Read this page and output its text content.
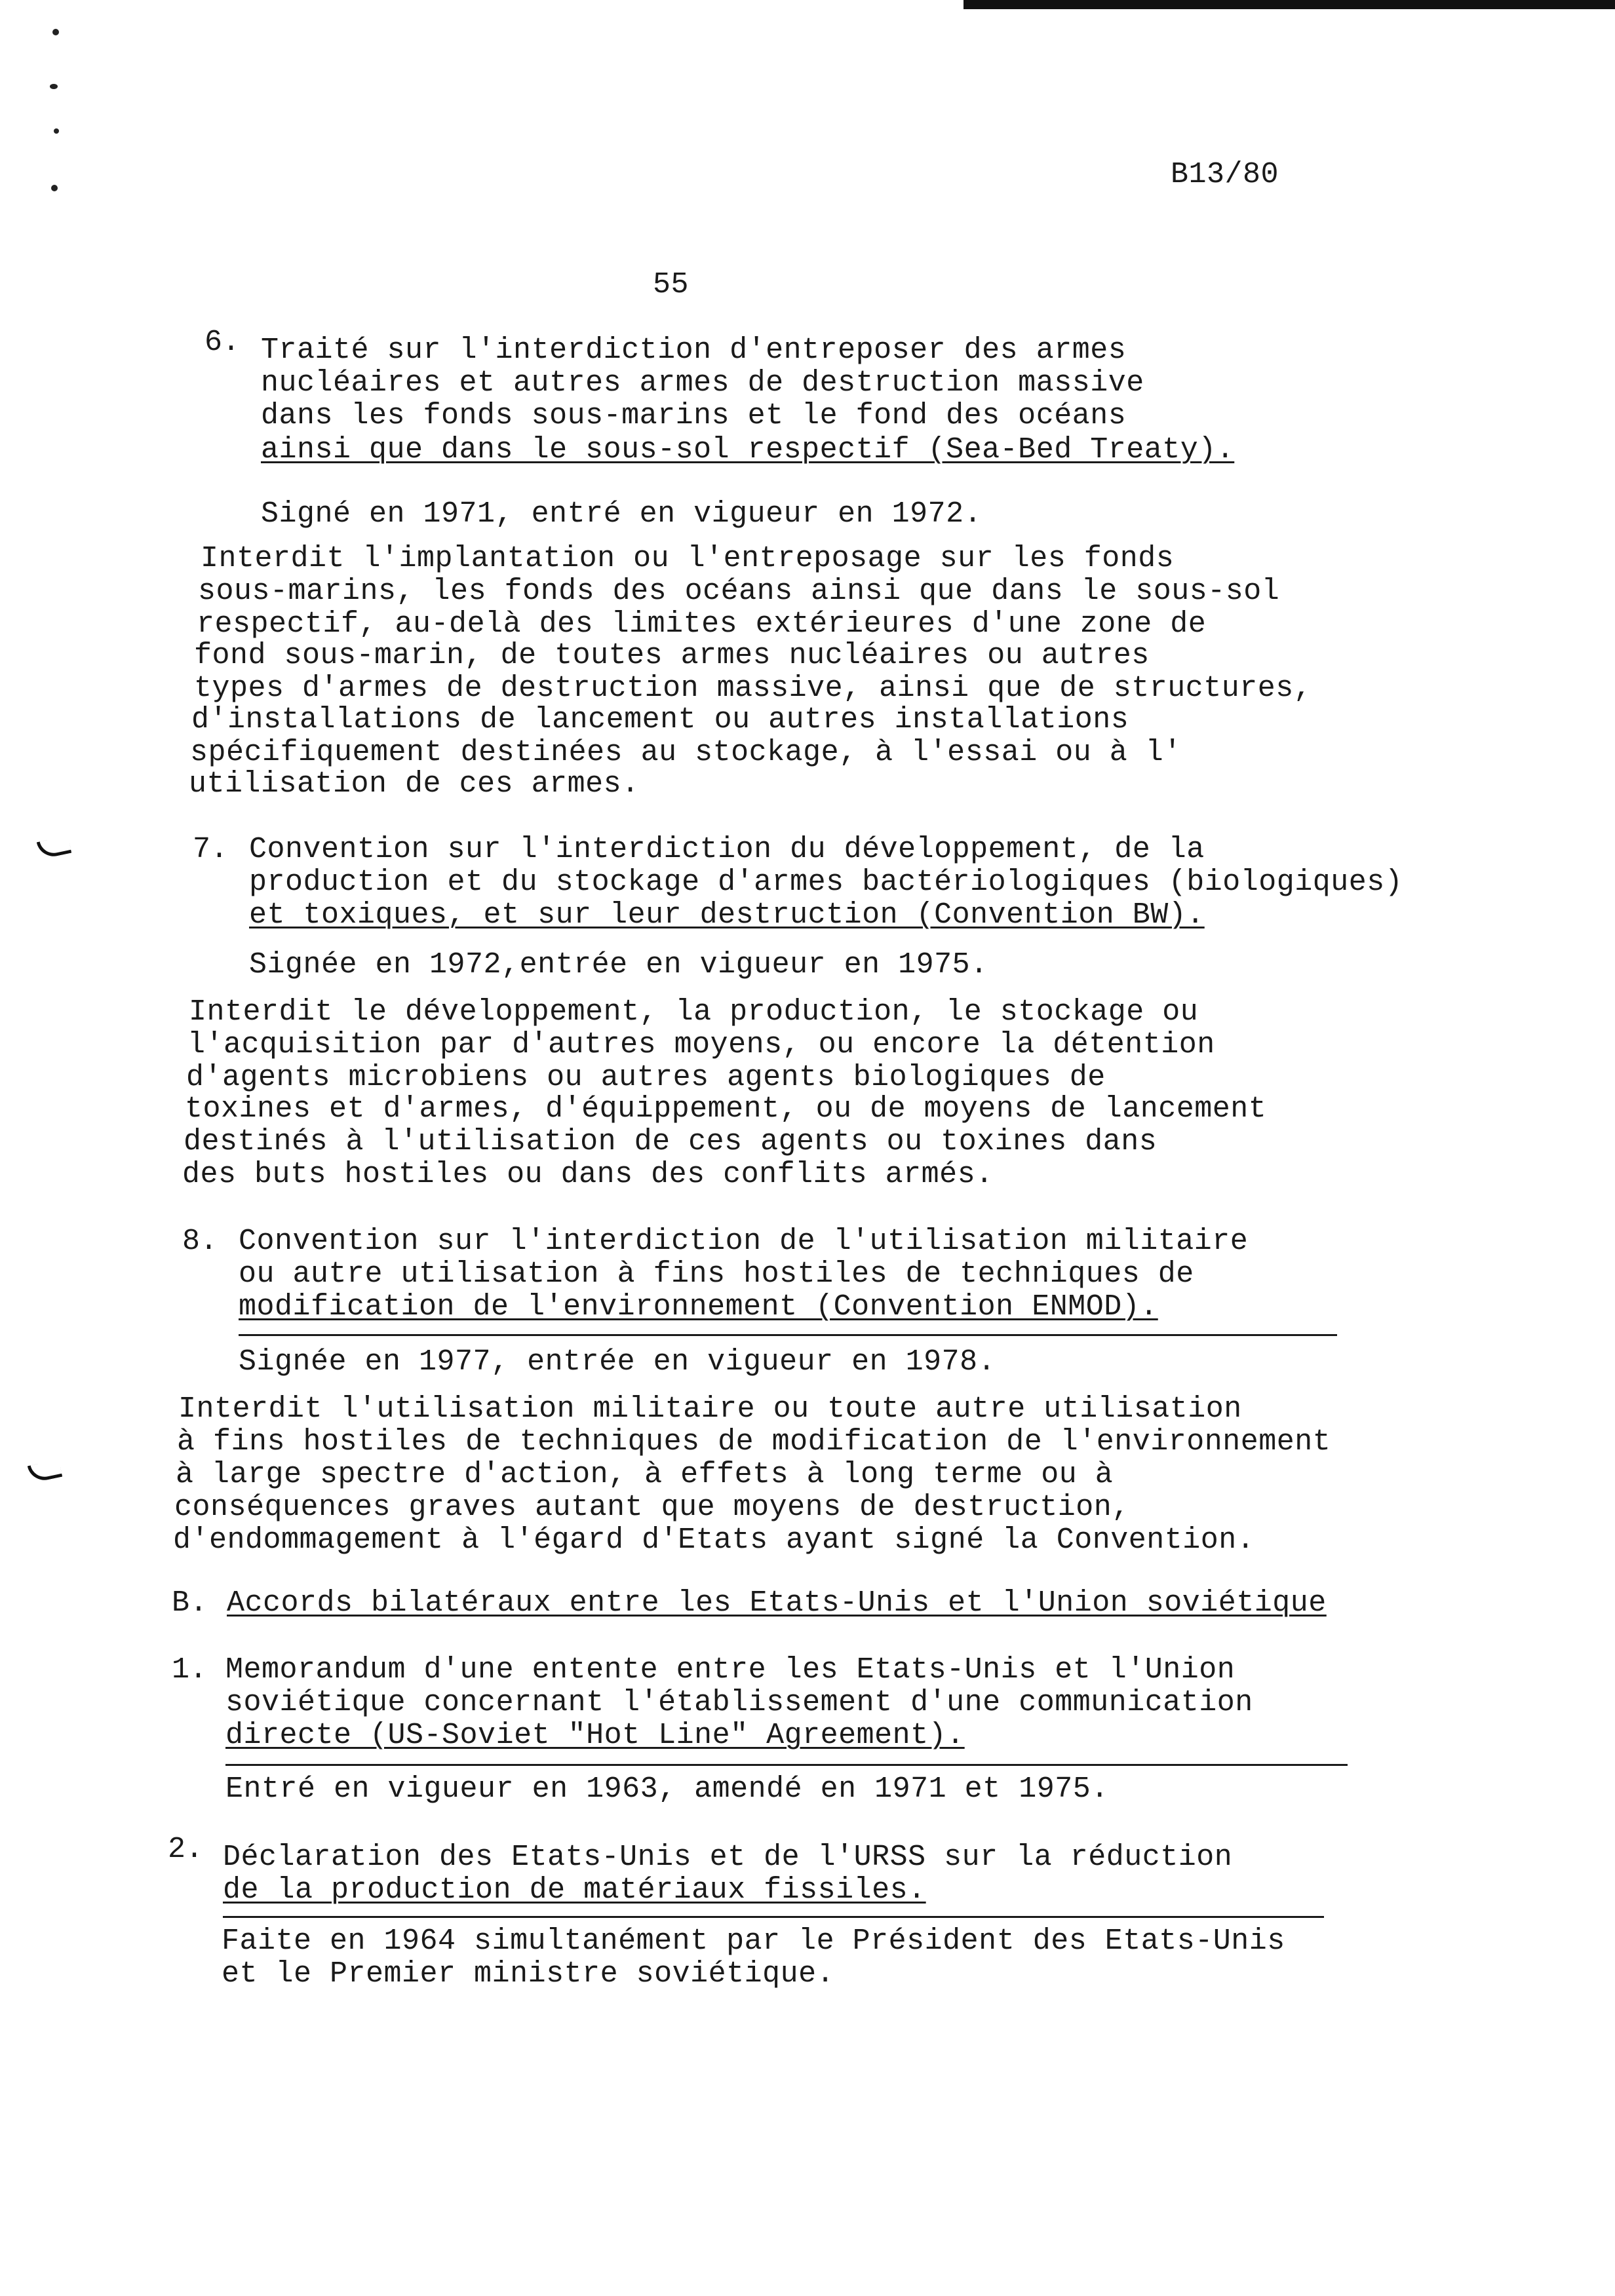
B13/80
55
6. Traité sur l'interdiction d'entreposer des armes
nucléaires et autres armes de destruction massive
dans les fonds sous-marins et le fond des océans
ainsi que dans le sous-sol respectif (Sea-Bed Treaty).
Signé en 1971, entré en vigueur en 1972.
Interdit l'implantation ou l'entreposage sur les fonds
sous-marins, les fonds des océans ainsi que dans le sous-sol
respectif, au-delà des limites extérieures d'une zone de
fond sous-marin, de toutes armes nucléaires ou autres
types d'armes de destruction massive, ainsi que de structures,
d'installations de lancement ou autres installations
spécifiquement destinées au stockage, à l'essai ou à l'
utilisation de ces armes.
7. Convention sur l'interdiction du développement, de la
production et du stockage d'armes bactériologiques (biologiques)
et toxiques, et sur leur destruction (Convention BW).
Signée en 1972,entrée en vigueur en 1975.
Interdit le développement, la production, le stockage ou
l'acquisition par d'autres moyens, ou encore la détention
d'agents microbiens ou autres agents biologiques de
toxines et d'armes, d'équippement, ou de moyens de lancement
destinés à l'utilisation de ces agents ou toxines dans
des buts hostiles ou dans des conflits armés.
8. Convention sur l'interdiction de l'utilisation militaire
ou autre utilisation à fins hostiles de techniques de
modification de l'environnement (Convention ENMOD).
Signée en 1977, entrée en vigueur en 1978.
Interdit l'utilisation militaire ou toute autre utilisation
à fins hostiles de techniques de modification de l'environnement
à large spectre d'action, à effets à long terme ou à
conséquences graves autant que moyens de destruction,
d'endommagement à l'égard d'Etats ayant signé la Convention.
B. Accords bilatéraux entre les Etats-Unis et l'Union soviétique
1. Memorandum d'une entente entre les Etats-Unis et l'Union
soviétique concernant l'établissement d'une communication
directe (US-Soviet "Hot Line" Agreement).
Entré en vigueur en 1963, amendé en 1971 et 1975.
2. Déclaration des Etats-Unis et de l'URSS sur la réduction
de la production de matériaux fissiles.
Faite en 1964 simultanément par le Président des Etats-Unis
et le Premier ministre soviétique.
